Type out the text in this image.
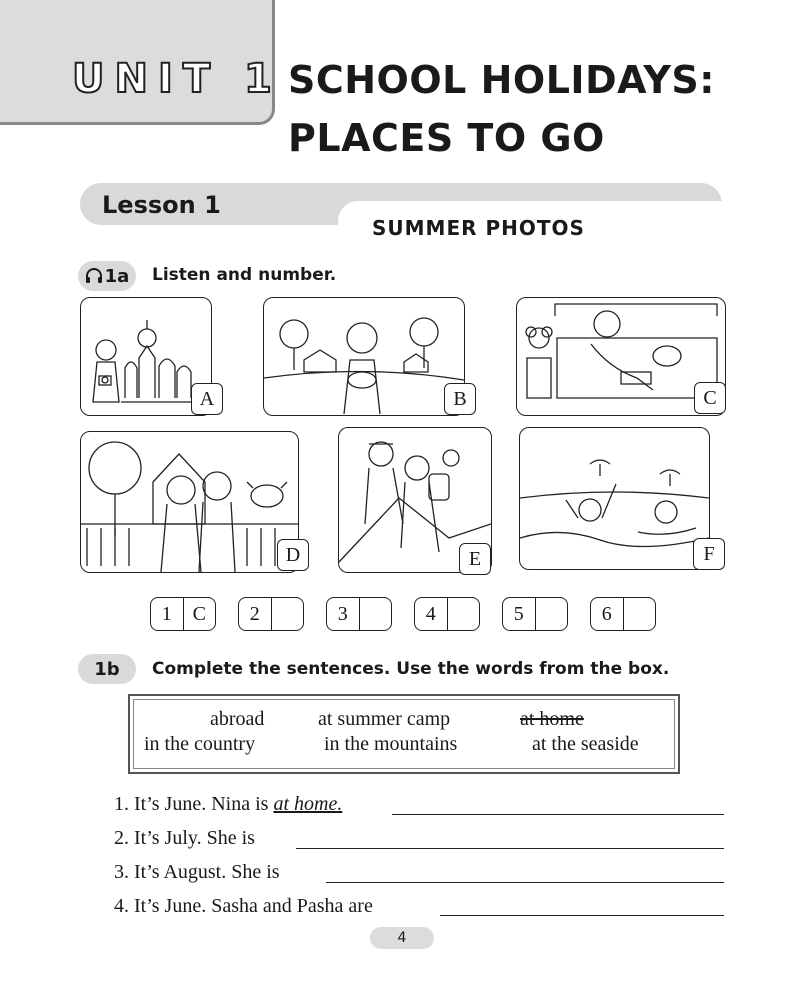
UNIT 1 SCHOOL HOLIDAYS:
PLACES TO GO
Lesson 1
SUMMER PHOTOS
1a Listen and number.
A	B	C
D	E	F
1	C	2	3	4	5	6
1b Complete the sentences. Use the words from the box.
abroad	at summer camp	at home
in the country	in the mountains	at the seaside
1. It’s June. Nina is at home.
2. It’s July. She is
3. It’s August. She is
4. It’s June. Sasha and Pasha are
4
